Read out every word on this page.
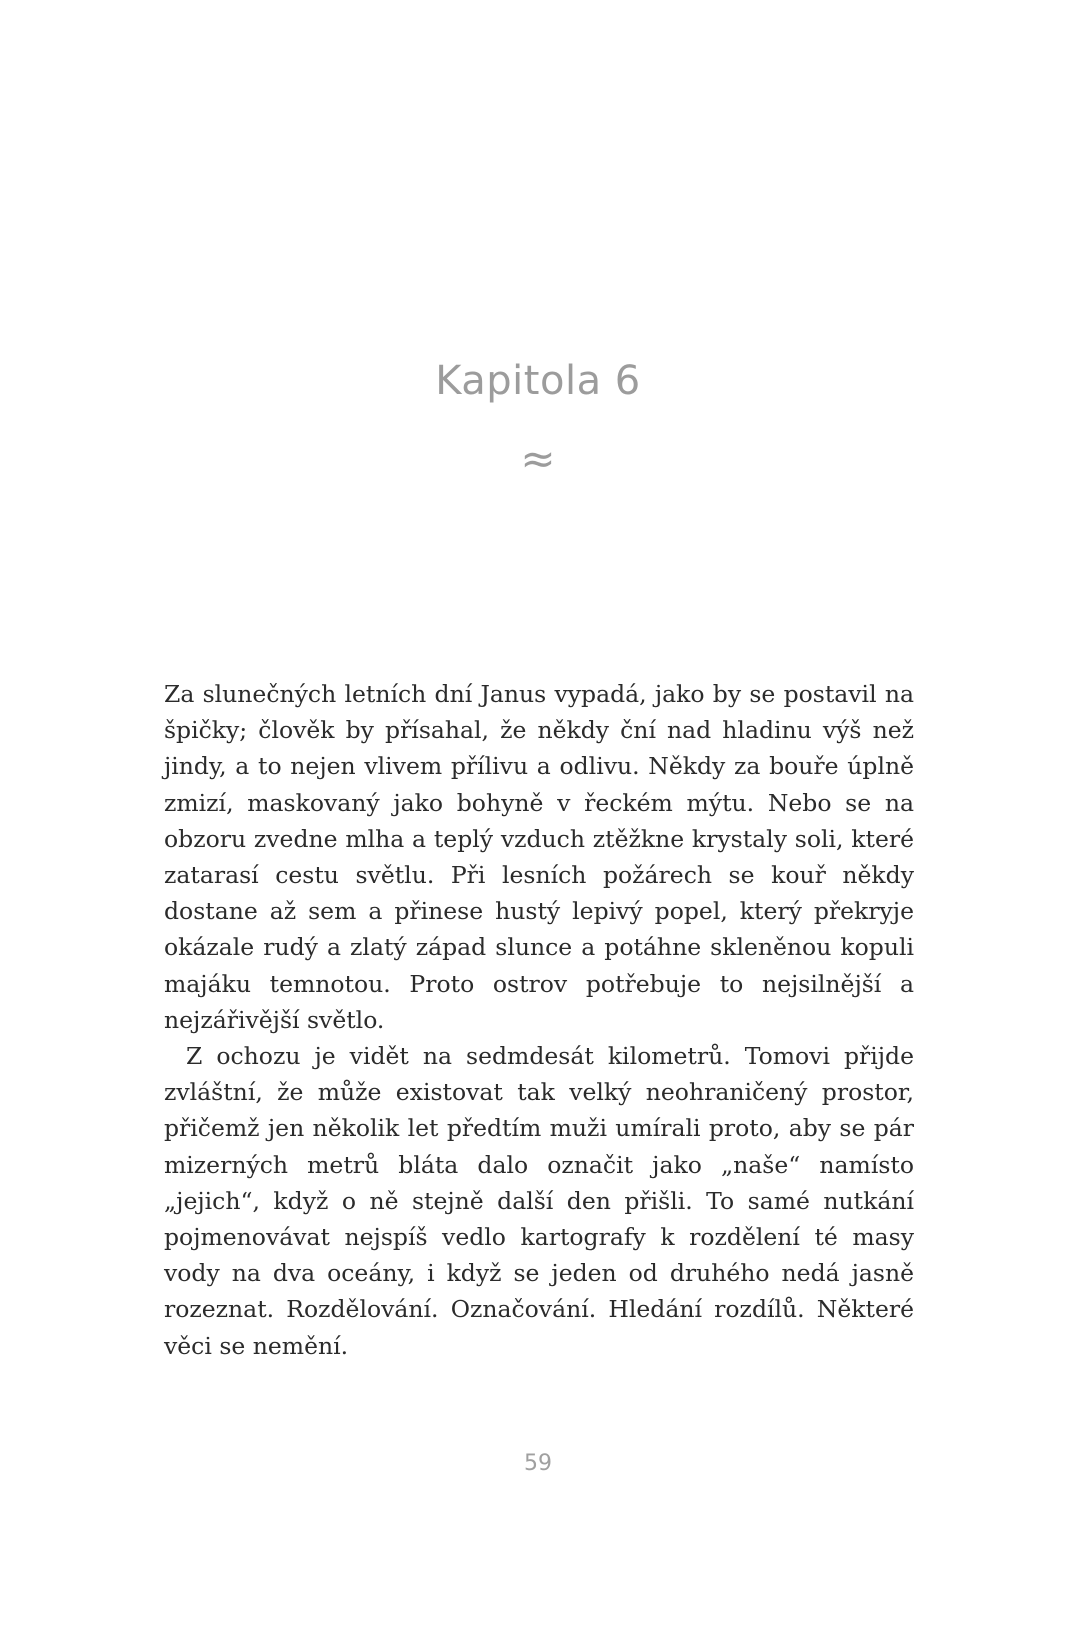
Kapitola 6
≈

Za slunečných letních dní Janus vypadá, jako by se postavil na špičky; člověk by přísahal, že někdy ční nad hladinu výš než jindy, a to nejen vlivem přílivu a odlivu. Někdy za bouře úplně zmizí, maskovaný jako bohyně v řeckém mýtu. Nebo se na obzoru zvedne mlha a teplý vzduch ztěžkne krystaly soli, které zatarasí cestu světlu. Při lesních požárech se kouř někdy dostane až sem a přinese hustý lepivý popel, který překryje okázale rudý a zlatý západ slunce a potáhne skleněnou kopuli majáku temnotou. Proto ostrov potřebuje to nejsilnější a nejzářivější světlo.

Z ochozu je vidět na sedmdesát kilometrů. Tomovi přijde zvláštní, že může existovat tak velký neohraničený prostor, přičemž jen několik let předtím muži umírali proto, aby se pár mizerných metrů bláta dalo označit jako „naše“ namísto „jejich“, když o ně stejně další den přišli. To samé nutkání pojmenovávat nejspíš vedlo kartografy k rozdělení té masy vody na dva oceány, i když se jeden od druhého nedá jasně rozeznat. Rozdělování. Označování. Hledání rozdílů. Některé věci se nemění.

59
